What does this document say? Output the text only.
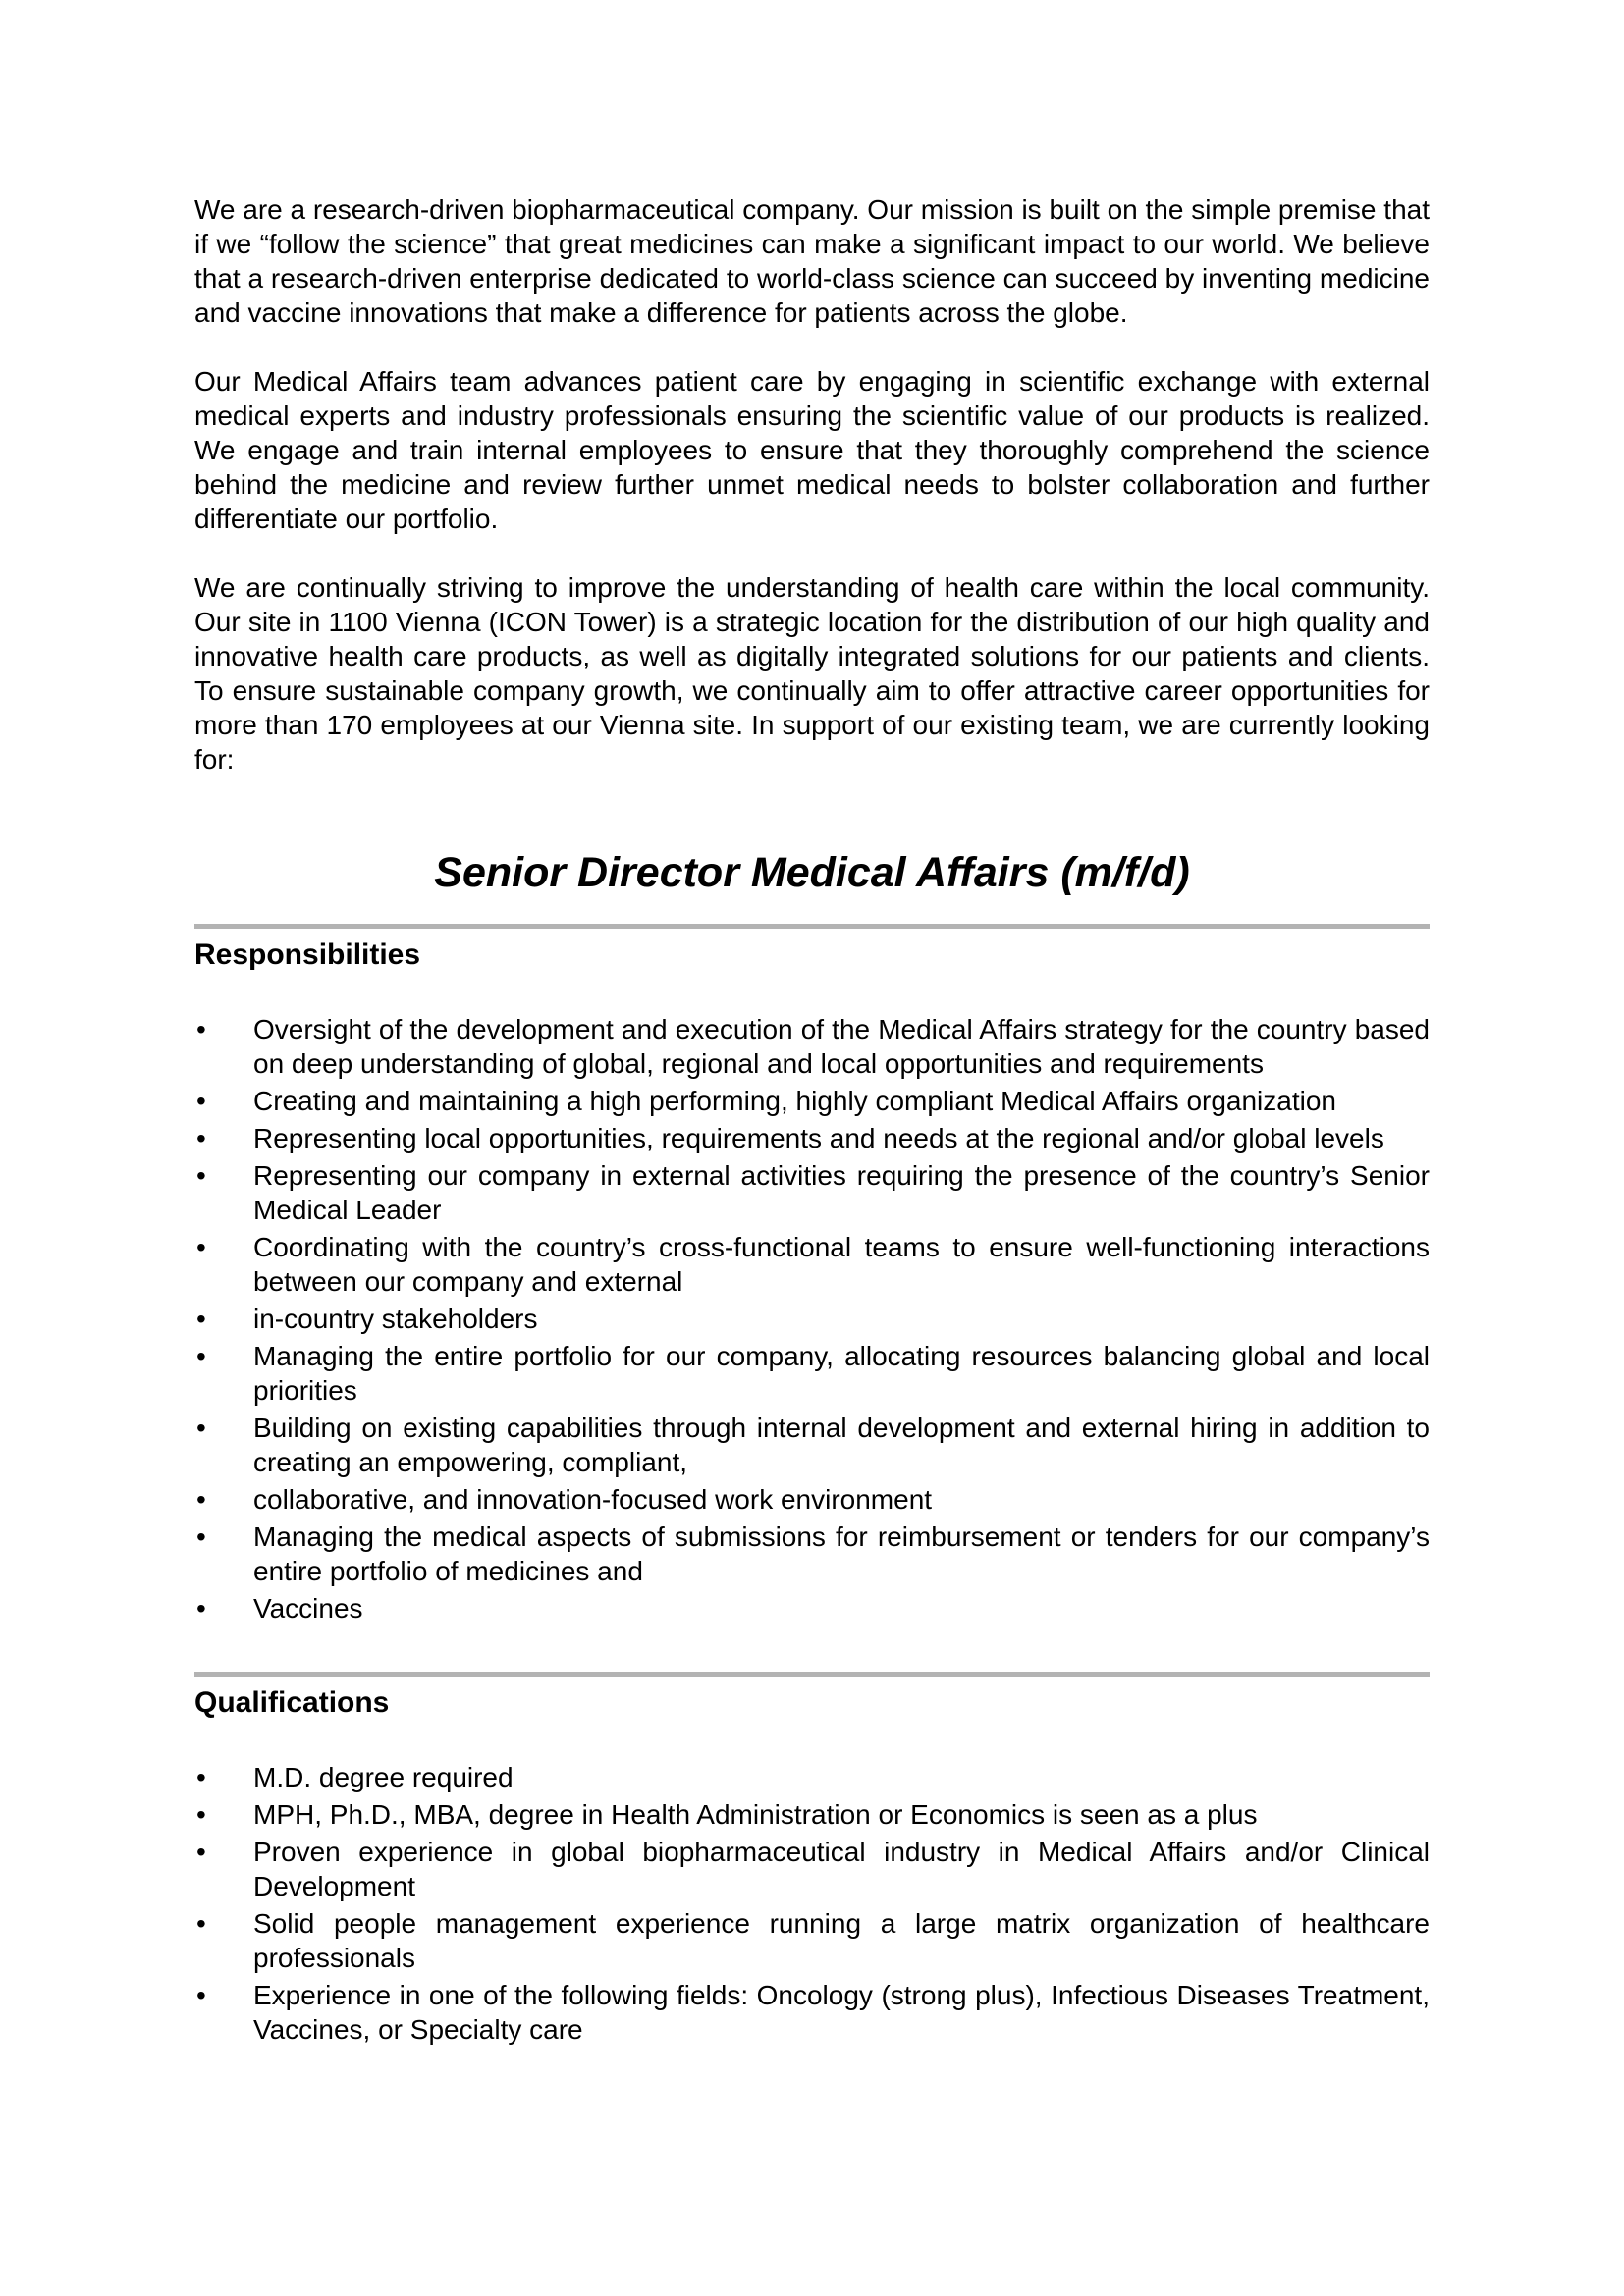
We are a research-driven biopharmaceutical company. Our mission is built on the simple premise that if we “follow the science” that great medicines can make a significant impact to our world. We believe that a research-driven enterprise dedicated to world-class science can succeed by inventing medicine and vaccine innovations that make a difference for patients across the globe.

Our Medical Affairs team advances patient care by engaging in scientific exchange with external medical experts and industry professionals ensuring the scientific value of our products is realized. We engage and train internal employees to ensure that they thoroughly comprehend the science behind the medicine and review further unmet medical needs to bolster collaboration and further differentiate our portfolio.

We are continually striving to improve the understanding of health care within the local community. Our site in 1100 Vienna (ICON Tower) is a strategic location for the distribution of our high quality and innovative health care products, as well as digitally integrated solutions for our patients and clients. To ensure sustainable company growth, we continually aim to offer attractive career opportunities for more than 170 employees at our Vienna site. In support of our existing team, we are currently looking for:

Senior Director Medical Affairs (m/f/d)
Responsibilities
• Oversight of the development and execution of the Medical Affairs strategy for the country based on deep understanding of global, regional and local opportunities and requirements
• Creating and maintaining a high performing, highly compliant Medical Affairs organization
• Representing local opportunities, requirements and needs at the regional and/or global levels
• Representing our company in external activities requiring the presence of the country’s Senior Medical Leader
• Coordinating with the country’s cross-functional teams to ensure well-functioning interactions between our company and external
• in-country stakeholders
• Managing the entire portfolio for our company, allocating resources balancing global and local priorities
• Building on existing capabilities through internal development and external hiring in addition to creating an empowering, compliant,
• collaborative, and innovation-focused work environment
• Managing the medical aspects of submissions for reimbursement or tenders for our company’s entire portfolio of medicines and
• Vaccines
Qualifications
• M.D. degree required
• MPH, Ph.D., MBA, degree in Health Administration or Economics is seen as a plus
• Proven experience in global biopharmaceutical industry in Medical Affairs and/or Clinical Development
• Solid people management experience running a large matrix organization of healthcare professionals
• Experience in one of the following fields: Oncology (strong plus), Infectious Diseases Treatment, Vaccines, or Specialty care
